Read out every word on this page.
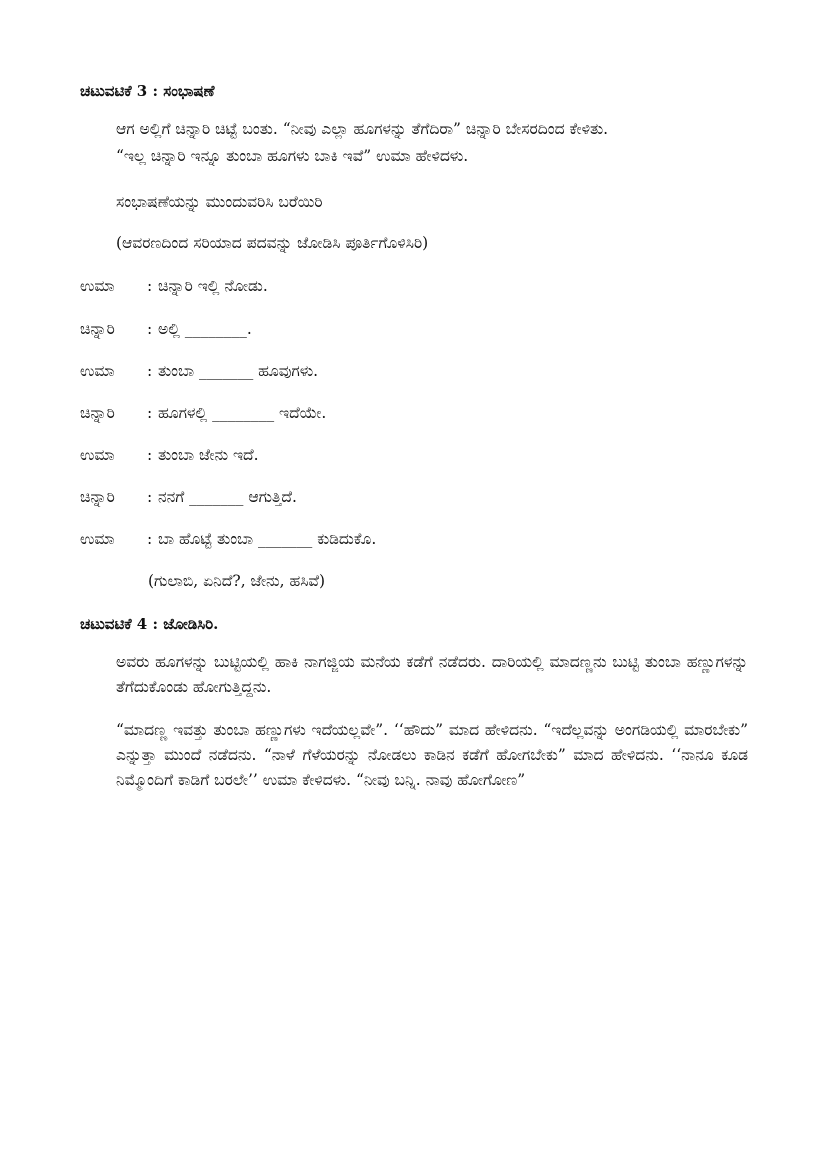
ಚಟುವಟಿಕೆ 3 : ಸಂಭಾಷಣೆ
ಆಗ ಅಲ್ಲಿಗೆ ಚಿನ್ನಾರಿ ಚಿಟ್ಟೆ ಬಂತು. “ನೀವು ಎಲ್ಲಾ ಹೂಗಳನ್ನು ತೆಗೆದಿರಾ” ಚಿನ್ನಾರಿ ಬೇಸರದಿಂದ ಕೇಳಿತು.
“ಇಲ್ಲ ಚಿನ್ನಾರಿ ಇನ್ನೂ ತುಂಬಾ ಹೂಗಳು ಬಾಕಿ ಇವೆ” ಉಮಾ ಹೇಳಿದಳು.
ಸಂಭಾಷಣೆಯನ್ನು ಮುಂದುವರಿಸಿ ಬರೆಯಿರಿ
(ಆವರಣದಿಂದ ಸರಿಯಾದ ಪದವನ್ನು ಜೋಡಿಸಿ ಪೂರ್ತಿಗೊಳಿಸಿರಿ)
ಉಮಾ	: ಚಿನ್ನಾರಿ ಇಲ್ಲಿ ನೋಡು.
ಚಿನ್ನಾರಿ	: ಅಲ್ಲಿ ________.
ಉಮಾ	: ತುಂಬಾ _______ ಹೂವುಗಳು.
ಚಿನ್ನಾರಿ	: ಹೂಗಳಲ್ಲಿ ________ ಇದೆಯೇ.
ಉಮಾ	: ತುಂಬಾ ಜೇನು ಇದೆ.
ಚಿನ್ನಾರಿ	: ನನಗೆ _______ ಆಗುತ್ತಿದೆ.
ಉಮಾ	: ಬಾ ಹೊಟ್ಟೆ ತುಂಬಾ _______ ಕುಡಿದುಕೊ.
(ಗುಲಾಬಿ, ಏನಿದೆ?, ಜೇನು, ಹಸಿವೆ)
ಚಟುವಟಿಕೆ 4 : ಜೋಡಿಸಿರಿ.
ಅವರು ಹೂಗಳನ್ನು ಬುಟ್ಟಿಯಲ್ಲಿ ಹಾಕಿ ನಾಗಜ್ಜಿಯ ಮನೆಯ ಕಡೆಗೆ ನಡೆದರು. ದಾರಿಯಲ್ಲಿ ಮಾದಣ್ಣನು ಬುಟ್ಟಿ ತುಂಬಾ ಹಣ್ಣುಗಳನ್ನು ತೆಗೆದುಕೊಂಡು ಹೋಗುತ್ತಿದ್ದನು.
“ಮಾದಣ್ಣ ಇವತ್ತು ತುಂಬಾ ಹಣ್ಣುಗಳು ಇದೆಯಲ್ಲವೇ”. ‘‘ಹೌದು” ಮಾದ ಹೇಳಿದನು. “ಇದೆಲ್ಲವನ್ನು ಅಂಗಡಿಯಲ್ಲಿ ಮಾರಬೇಕು” ಎನ್ನುತ್ತಾ ಮುಂದೆ ನಡೆದನು. “ನಾಳೆ ಗೆಳೆಯರನ್ನು ನೋಡಲು ಕಾಡಿನ ಕಡೆಗೆ ಹೋಗಬೇಕು” ಮಾದ ಹೇಳಿದನು. ‘‘ನಾನೂ ಕೂಡ ನಿಮ್ಮೊಂದಿಗೆ ಕಾಡಿಗೆ ಬರಲೇ’’ ಉಮಾ ಕೇಳಿದಳು. “ನೀವು ಬನ್ನಿ. ನಾವು ಹೋಗೋಣ”
